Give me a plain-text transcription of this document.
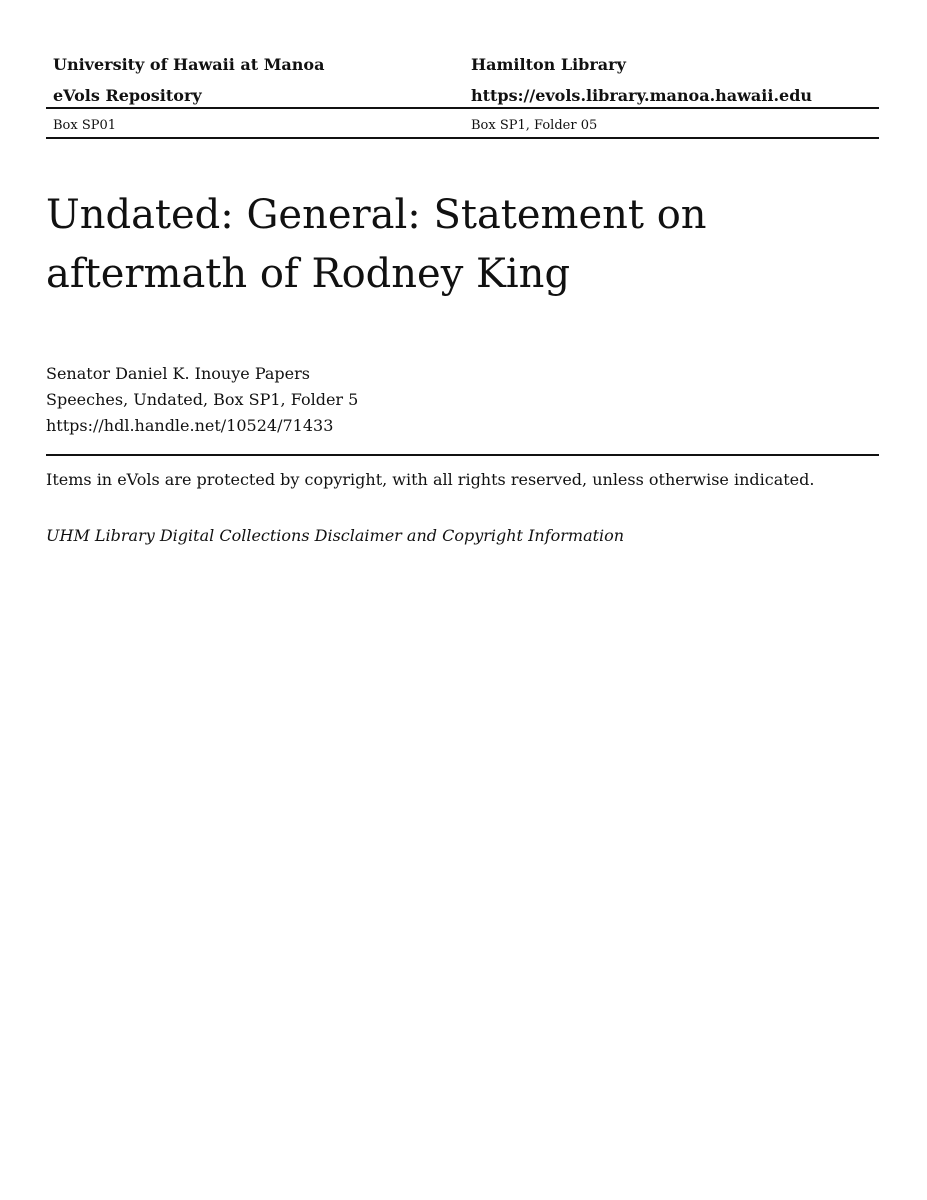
University of Hawaii at Manoa	Hamilton Library
eVols Repository	https://evols.library.manoa.hawaii.edu
Box SP01	Box SP1, Folder 05
Undated: General: Statement on aftermath of Rodney King
Senator Daniel K. Inouye Papers
Speeches, Undated, Box SP1, Folder 5
https://hdl.handle.net/10524/71433
Items in eVols are protected by copyright, with all rights reserved, unless otherwise indicated.
UHM Library Digital Collections Disclaimer and Copyright Information
